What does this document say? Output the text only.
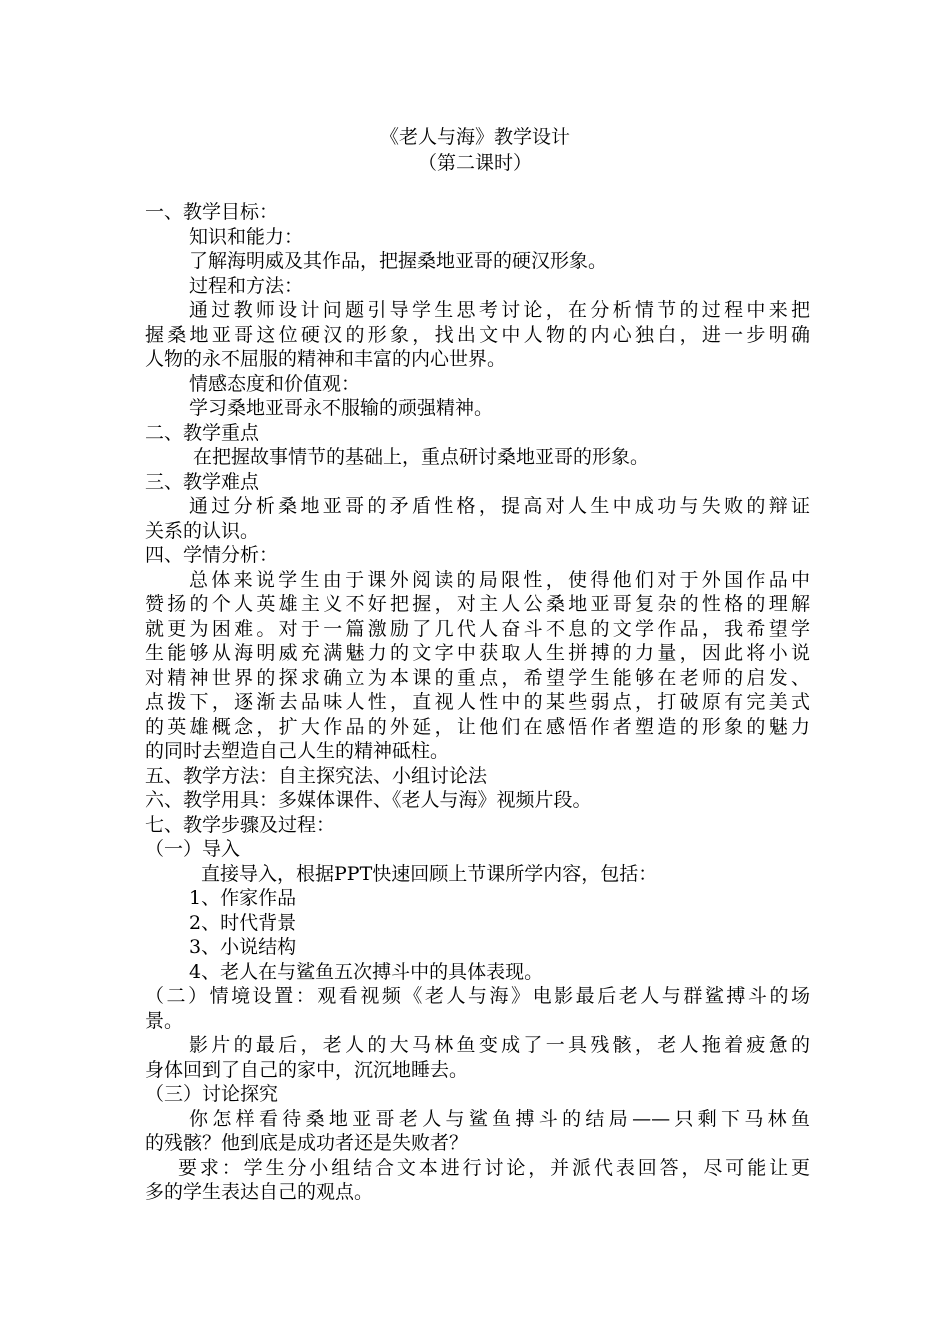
《老人与海》教学设计
（第二课时）
一、教学目标：
知识和能力：
了解海明威及其作品，把握桑地亚哥的硬汉形象。
过程和方法：
通过教师设计问题引导学生思考讨论，在分析情节的过程中来把
握桑地亚哥这位硬汉的形象，找出文中人物的内心独白，进一步明确
人物的永不屈服的精神和丰富的内心世界。
情感态度和价值观：
学习桑地亚哥永不服输的顽强精神。
二、教学重点
在把握故事情节的基础上，重点研讨桑地亚哥的形象。
三、教学难点
通过分析桑地亚哥的矛盾性格，提高对人生中成功与失败的辩证
关系的认识。
四、学情分析：
总体来说学生由于课外阅读的局限性，使得他们对于外国作品中
赞扬的个人英雄主义不好把握，对主人公桑地亚哥复杂的性格的理解
就更为困难。对于一篇激励了几代人奋斗不息的文学作品，我希望学
生能够从海明威充满魅力的文字中获取人生拼搏的力量，因此将小说
对精神世界的探求确立为本课的重点，希望学生能够在老师的启发、
点拨下，逐渐去品味人性，直视人性中的某些弱点，打破原有完美式
的英雄概念，扩大作品的外延，让他们在感悟作者塑造的形象的魅力
的同时去塑造自己人生的精神砥柱。
五、教学方法：自主探究法、小组讨论法
六、教学用具：多媒体课件、《老人与海》视频片段。
七、教学步骤及过程：
（一）导入
直接导入，根据PPT快速回顾上节课所学内容，包括：
1、作家作品
2、时代背景
3、小说结构
4、老人在与鲨鱼五次搏斗中的具体表现。
（二）情境设置：观看视频《老人与海》电影最后老人与群鲨搏斗的场
景。
影片的最后，老人的大马林鱼变成了一具残骸，老人拖着疲惫的
身体回到了自己的家中，沉沉地睡去。
（三）讨论探究
你怎样看待桑地亚哥老人与鲨鱼搏斗的结局——只剩下马林鱼
的残骸？他到底是成功者还是失败者？
要求：学生分小组结合文本进行讨论，并派代表回答，尽可能让更
多的学生表达自己的观点。
